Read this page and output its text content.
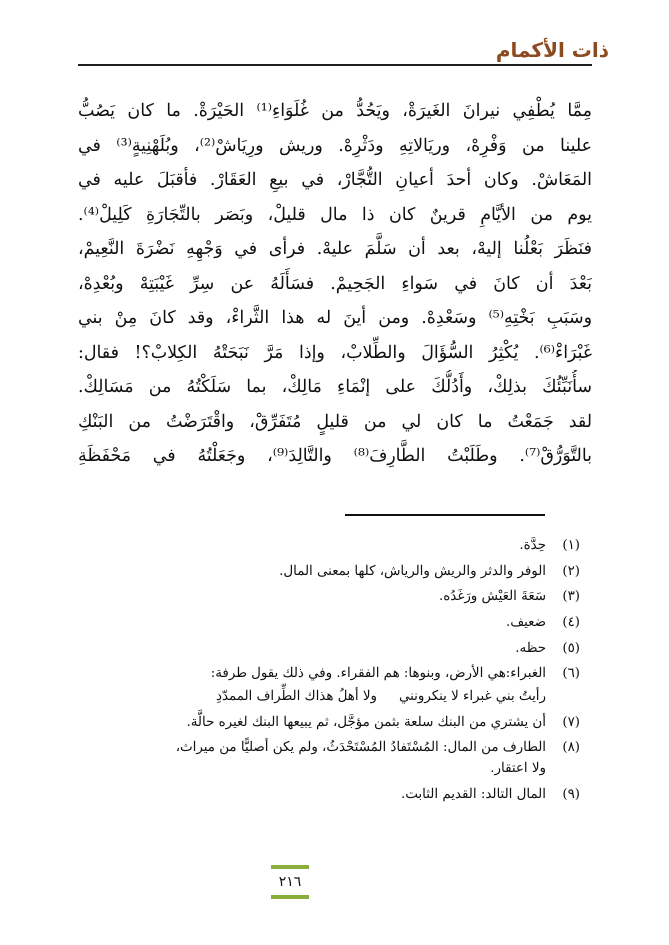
ذات الأكمام
مِمَّا يُطْفِي نيرانَ الغَيرَةْ، ويَحُدُّ من غُلَوَاءِ⁽¹⁾ الحَيْرَةْ. ما كان يَصُبُّ
علينا من وَفْرِهْ، وريَالاتِهِ ودَثْرِهْ. وريش ورِيَاشْ⁽²⁾، وبُلَهْنِيةٍ⁽³⁾ في
المَعَاشْ. وكان أحدَ أعيانِ التُّجَّارْ، في بيعِ العَقَارْ. فأقبَلَ عليه في
يوم من الأيَّامِ قرينٌ كان ذا مال قليلْ، وبَصَر بالتِّجَارَةِ كَلِيلْ⁽⁴⁾.
فنَظَرَ بَعْلُنا إليهْ، بعد أن سَلَّمَ عليهْ. فرأى في وَجْهِهِ نَضْرَةَ النَّعِيمْ،
بَعْدَ أن كانَ في سَواءِ الجَحِيمْ. فسَأَلَهُ عن سِرِّ غَيْبَتِهْ وبُعْدِهْ،
وسَبَبِ بَخْتِهِ⁽⁵⁾ وسَعْدِهْ. ومن أينَ له هذا الثَّراءْ، وقد كانَ مِنْ بني
غَبْرَاءْ⁽⁶⁾. يُكْثِرُ السُّؤَالَ والطِّلابْ، وإذا مَرَّ نَبَحَتْهُ الكِلابْ؟! فقال:
سأُنَبِّئُكَ بذلِكْ، وأَدُلُّكَ على إنْمَاءِ مَالِكْ، بما سَلَكْتُهُ من مَسَالِكْ.
لقد جَمَعْتُ ما كان لي من قليلٍ مُتَفَرِّقْ، واقْتَرَضْتُ من البَنْكِ
بالتَّوَرُّقْ⁽⁷⁾. وطَلَبْتُ الطَّارِفَ⁽⁸⁾ والتَّالِدَ⁽⁹⁾، وجَعَلْتُهُ في مَحْفَظَةِ
(١)
حِدَّة.
(٢)
الوفر والدثر والريش والرياش، كلها بمعنى المال.
(٣)
سَعَةَ العَيْش ورَغَدُه.
(٤)
ضعيف.
(٥)
حظه.
(٦)
الغبراء:هي الأرض، وبنوها: هم الفقراء. وفي ذلك يقول طرفة:
رأيتُ بني غبراء لا ينكرونني
ولا أهلُ هذاك الطِّراف الممدّدِ
(٧)
أن يشتري من البنك سلعة بثمن مؤجَّل، ثم يبيعها البنك لغيره حالَّة.
(٨)
الطارف من المال: المُسْتَفادُ المُسْتَحْدَثُ، ولم يكن أصليًّا من ميراث،
ولا اعتقار.
(٩)
المال التالد: القديم الثابت.
٢١٦
